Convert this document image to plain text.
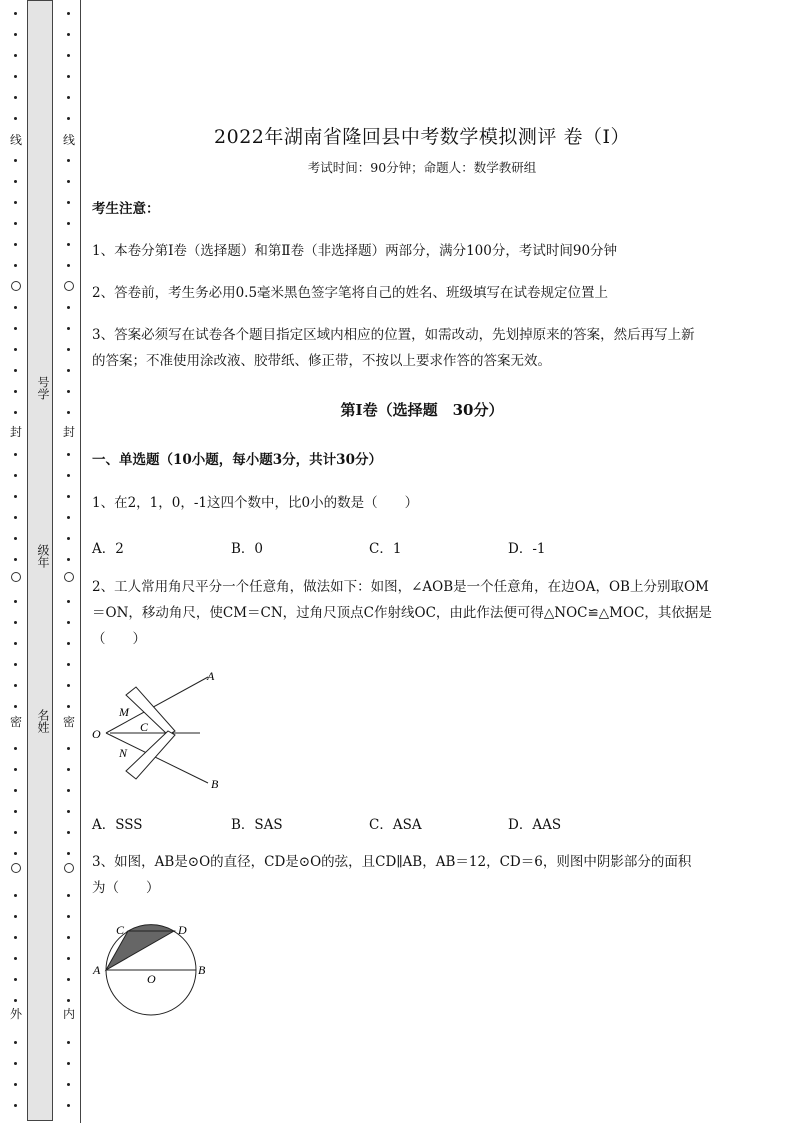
线
封
密
外
号学
级年
名姓
线
封
密
内
2022年湖南省隆回县中考数学模拟测评 卷（Ⅰ）
考试时间：90分钟；命题人：数学教研组
考生注意：
1、本卷分第I卷（选择题）和第Ⅱ卷（非选择题）两部分，满分100分，考试时间90分钟
2、答卷前，考生务必用0.5毫米黑色签字笔将自己的姓名、班级填写在试卷规定位置上
3、答案必须写在试卷各个题目指定区域内相应的位置，如需改动，先划掉原来的答案，然后再写上新
的答案；不准使用涂改液、胶带纸、修正带，不按以上要求作答的答案无效。
第Ⅰ卷（选择题　30分）
一、单选题（10小题，每小题3分，共计30分）
1、在2，1，0，-1这四个数中，比0小的数是（　　）
A．2	B．0	C．1	D．-1
2、工人常用角尺平分一个任意角，做法如下：如图，∠AOB是一个任意角，在边OA，OB上分别取OM
＝ON，移动角尺，使CM＝CN，过角尺顶点C作射线OC，由此作法便可得△NOC≌△MOC，其依据是
（　　）
A
M
C
O
N
B
A．SSS	B．SAS	C．ASA	D．AAS
3、如图，AB是⊙O的直径，CD是⊙O的弦，且CD∥AB，AB＝12，CD＝6，则图中阴影部分的面积
为（　　）
C	D
A
O
B
